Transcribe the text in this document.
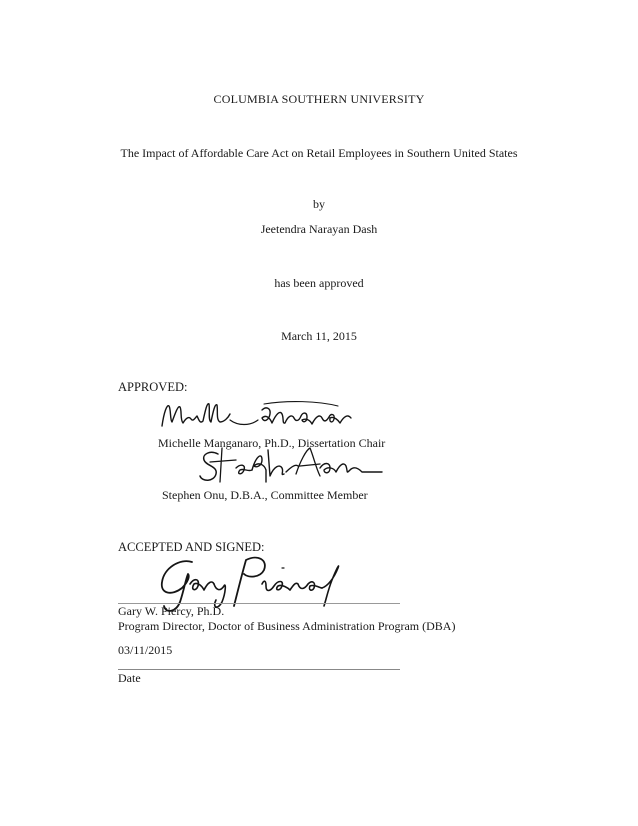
COLUMBIA SOUTHERN UNIVERSITY
The Impact of Affordable Care Act on Retail Employees in Southern United States
by
Jeetendra Narayan Dash
has been approved
March 11, 2015
APPROVED:
Michelle Manganaro, Ph.D., Dissertation Chair
Stephen Onu, D.B.A., Committee Member
ACCEPTED AND SIGNED:
Gary W. Piercy, Ph.D.
Program Director, Doctor of Business Administration Program (DBA)
03/11/2015
Date
